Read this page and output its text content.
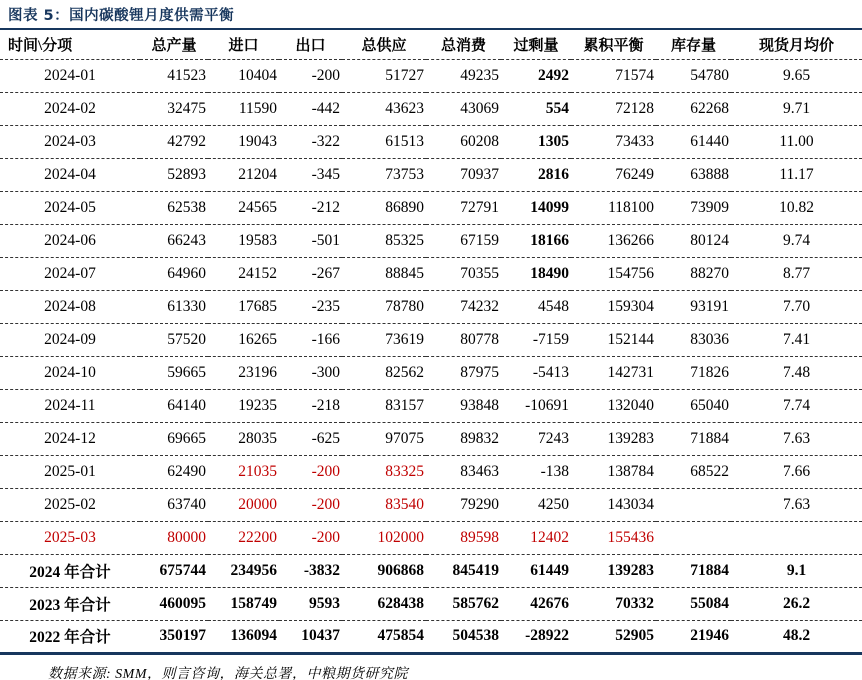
图表 5：国内碳酸锂月度供需平衡
时间\分项	总产量	进口	出口	总供应	总消费	过剩量	累积平衡	库存量	现货月均价
2024-01	41523	10404	-200	51727	49235	2492	71574	54780	9.65
2024-02	32475	11590	-442	43623	43069	554	72128	62268	9.71
2024-03	42792	19043	-322	61513	60208	1305	73433	61440	11.00
2024-04	52893	21204	-345	73753	70937	2816	76249	63888	11.17
2024-05	62538	24565	-212	86890	72791	14099	118100	73909	10.82
2024-06	66243	19583	-501	85325	67159	18166	136266	80124	9.74
2024-07	64960	24152	-267	88845	70355	18490	154756	88270	8.77
2024-08	61330	17685	-235	78780	74232	4548	159304	93191	7.70
2024-09	57520	16265	-166	73619	80778	-7159	152144	83036	7.41
2024-10	59665	23196	-300	82562	87975	-5413	142731	71826	7.48
2024-11	64140	19235	-218	83157	93848	-10691	132040	65040	7.74
2024-12	69665	28035	-625	97075	89832	7243	139283	71884	7.63
2025-01	62490	21035	-200	83325	83463	-138	138784	68522	7.66
2025-02	63740	20000	-200	83540	79290	4250	143034		7.63
2025-03	80000	22200	-200	102000	89598	12402	155436		
2024 年合计	675744	234956	-3832	906868	845419	61449	139283	71884	9.1
2023 年合计	460095	158749	9593	628438	585762	42676	70332	55084	26.2
2022 年合计	350197	136094	10437	475854	504538	-28922	52905	21946	48.2
数据来源: SMM，则言咨询，海关总署，中粮期货研究院
